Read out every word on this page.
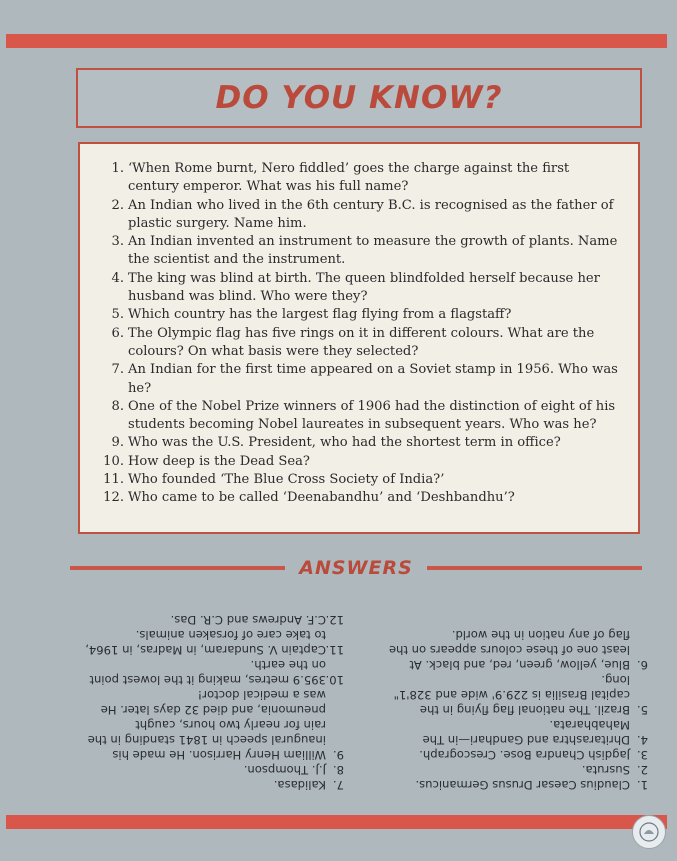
DO YOU KNOW?
1. ‘When Rome burnt, Nero fiddled’ goes the charge against the first century emperor. What was his full name?
2. An Indian who lived in the 6th century B.C. is recognised as the father of plastic surgery. Name him.
3. An Indian invented an instrument to measure the growth of plants. Name the scientist and the instrument.
4. The king was blind at birth. The queen blindfolded herself because her husband was blind. Who were they?
5. Which country has the largest flag flying from a flagstaff?
6. The Olympic flag has five rings on it in different colours. What are the colours? On what basis were they selected?
7. An Indian for the first time appeared on a Soviet stamp in 1956. Who was he?
8. One of the Nobel Prize winners of 1906 had the distinction of eight of his students becoming Nobel laureates in subsequent years. Who was he?
9. Who was the U.S. President, who had the shortest term in office?
10. How deep is the Dead Sea?
11. Who founded ‘The Blue Cross Society of India?’
12. Who came to be called ‘Deenabandhu’ and ‘Deshbandhu’?
ANSWERS
1.
Claudius Caesar Drusus Germanicus.
2.
Susruta.
3.
Jagdish Chandra Bose. Crescograph.
4.
Dhritarashtra and Gandhari—in The Mahabharata.
5.
Brazil. The national flag flying in the capital Brasilia is 229.9' wide and 328'1" long.
6.
Blue, yellow, green, red, and black. At least one of these colours appears on the flag of any nation in the world.
7.
Kalidasa.
8.
J.J. Thompson.
9.
William Henry Harrison. He made his inaugural speech in 1841 standing in the rain for nearly two hours, caught pneumonia, and died 32 days later. He was a medical doctor!
10.
395.9 metres, making it the lowest point on the earth.
11.
Captain V. Sundaram, in Madras, in 1964, to take care of forsaken animals.
12.
C.F. Andrews and C.R. Das.
